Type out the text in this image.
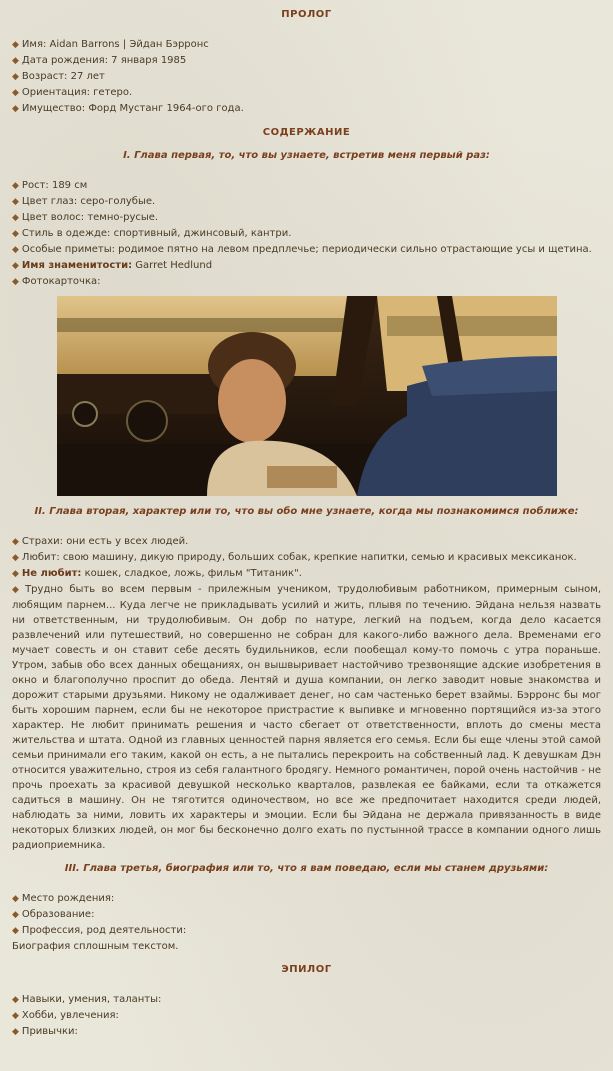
ПРОЛОГ
◆ Имя: Aidan Barrons | Эйдан Бэрронс
◆ Дата рождения: 7 января 1985
◆ Возраст: 27 лет
◆ Ориентация: гетеро.
◆ Имущество: Форд Мустанг 1964-ого года.
СОДЕРЖАНИЕ
I. Глава первая, то, что вы узнаете, встретив меня первый раз:
◆ Рост: 189 см
◆ Цвет глаз: серо-голубые.
◆ Цвет волос: темно-русые.
◆ Стиль в одежде: спортивный, джинсовый, кантри.
◆ Особые приметы: родимое пятно на левом предплечье; периодически сильно отрастающие усы и щетина.
◆ Имя знаменитости: Garret Hedlund
◆ Фотокарточка:
II. Глава вторая, характер или то, что вы обо мне узнаете, когда мы познакомимся поближе:
◆ Страхи: они есть у всех людей.
◆ Любит: свою машину, дикую природу, больших собак, крепкие напитки, семью и красивых мексиканок.
◆ Не любит: кошек, сладкое, ложь, фильм "Титаник".
◆ Трудно быть во всем первым - прилежным учеником, трудолюбивым работником, примерным сыном, любящим парнем... Куда легче не прикладывать усилий и жить, плывя по течению. Эйдана нельзя назвать ни ответственным, ни трудолюбивым. Он добр по натуре, легкий на подъем, когда дело касается развлечений или путешествий, но совершенно не собран для какого-либо важного дела. Временами его мучает совесть и он ставит себе десять будильников, если пообещал кому-то помочь с утра пораньше. Утром, забыв обо всех данных обещаниях, он вышвыривает настойчиво трезвонящие адские изобретения в окно и благополучно проспит до обеда. Лентяй и душа компании, он легко заводит новые знакомства и дорожит старыми друзьями. Никому не одалживает денег, но сам частенько берет взаймы. Бэрронс бы мог быть хорошим парнем, если бы не некоторое пристрастие к выпивке и мгновенно портящийся из-за этого характер. Не любит принимать решения и часто сбегает от ответственности, вплоть до смены места жительства и штата. Одной из главных ценностей парня является его семья. Если бы еще члены этой самой семьи принимали его таким, какой он есть, а не пытались перекроить на собственный лад. К девушкам Дэн относится уважительно, строя из себя галантного бродягу. Немного романтичен, порой очень настойчив - не прочь проехать за красивой девушкой несколько кварталов, развлекая ее байками, если та откажется садиться в машину. Он не тяготится одиночеством, но все же предпочитает находится среди людей, наблюдать за ними, ловить их характеры и эмоции. Если бы Эйдана не держала привязанность в виде некоторых близких людей, он мог бы бесконечно долго ехать по пустынной трассе в компании одного лишь радиоприемника.
III. Глава третья, биография или то, что я вам поведаю, если мы станем друзьями:
◆ Место рождения:
◆ Образование:
◆ Профессия, род деятельности:
Биография сплошным текстом.
ЭПИЛОГ
◆ Навыки, умения, таланты:
◆ Хобби, увлечения:
◆ Привычки:
